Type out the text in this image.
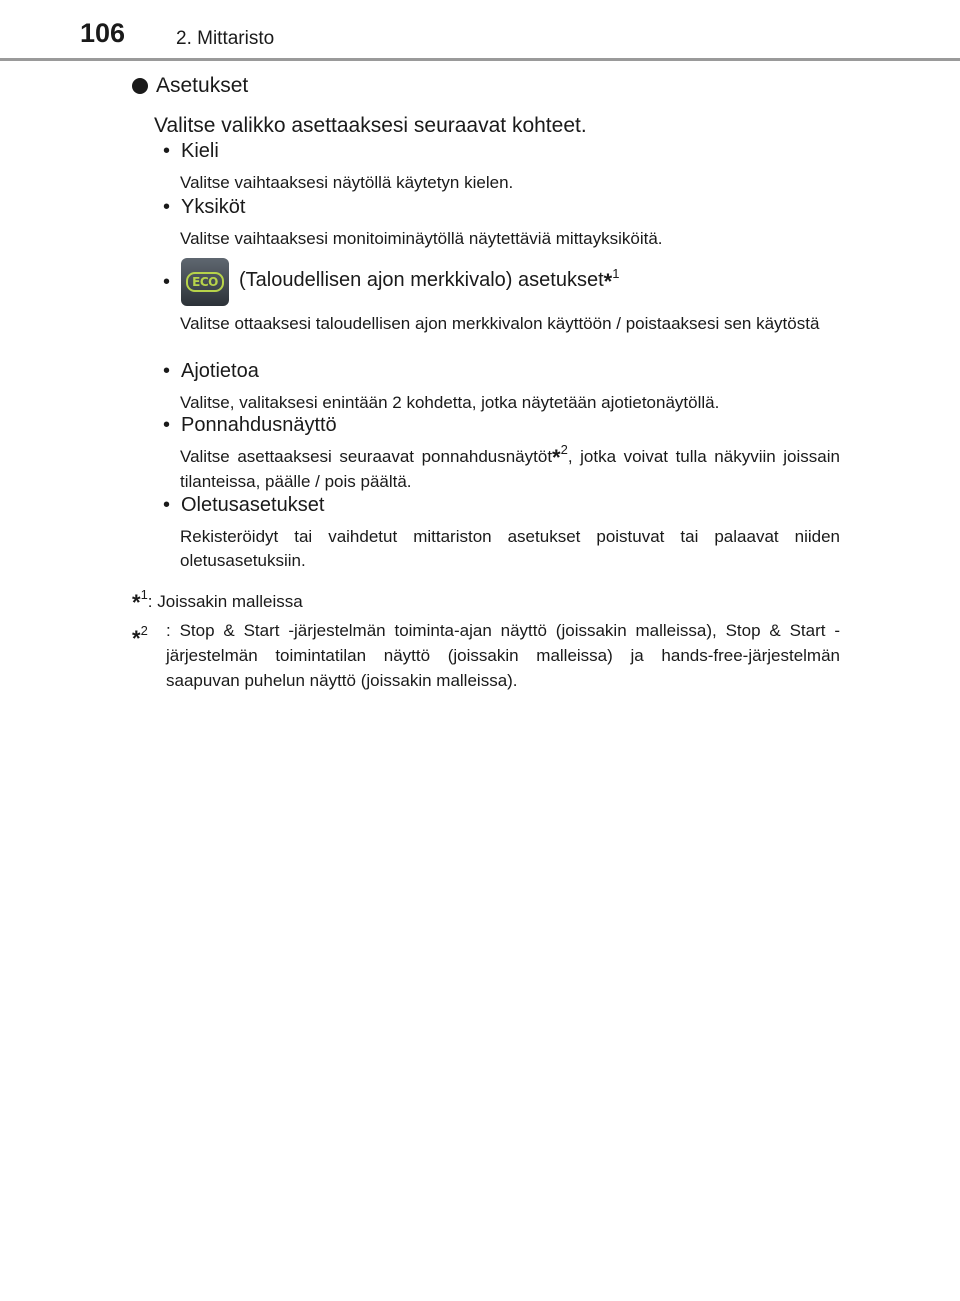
106	2. Mittaristo
Asetukset
Valitse valikko asettaaksesi seuraavat kohteet.
• Kieli
Valitse vaihtaaksesi näytöllä käytetyn kielen.
• Yksiköt
Valitse vaihtaaksesi monitoiminäytöllä näytettäviä mittayksiköitä.
•	ECO	(Taloudellisen ajon merkkivalo) asetukset*$^1$
Valitse ottaaksesi taloudellisen ajon merkkivalon käyttöön / poistaaksesi sen käytöstä
• Ajotietoa
Valitse, valitaksesi enintään 2 kohdetta, jotka näytetään ajotietonäytöllä.
• Ponnahdusnäyttö
Valitse asettaaksesi seuraavat ponnahdusnäytöt*$^2$, jotka voivat tulla näkyviin joissain tilanteissa, päälle / pois päältä.
• Oletusasetukset
Rekisteröidyt tai vaihdetut mittariston asetukset poistuvat tai palaavat niiden oletusasetuksiin.
*$^1$: Joissakin malleissa
*$^2$ : Stop & Start -järjestelmän toiminta-ajan näyttö (joissakin malleissa), Stop & Start -järjestelmän toimintatilan näyttö (joissakin malleissa) ja hands-free-järjestelmän saapuvan puhelun näyttö (joissakin malleissa).
